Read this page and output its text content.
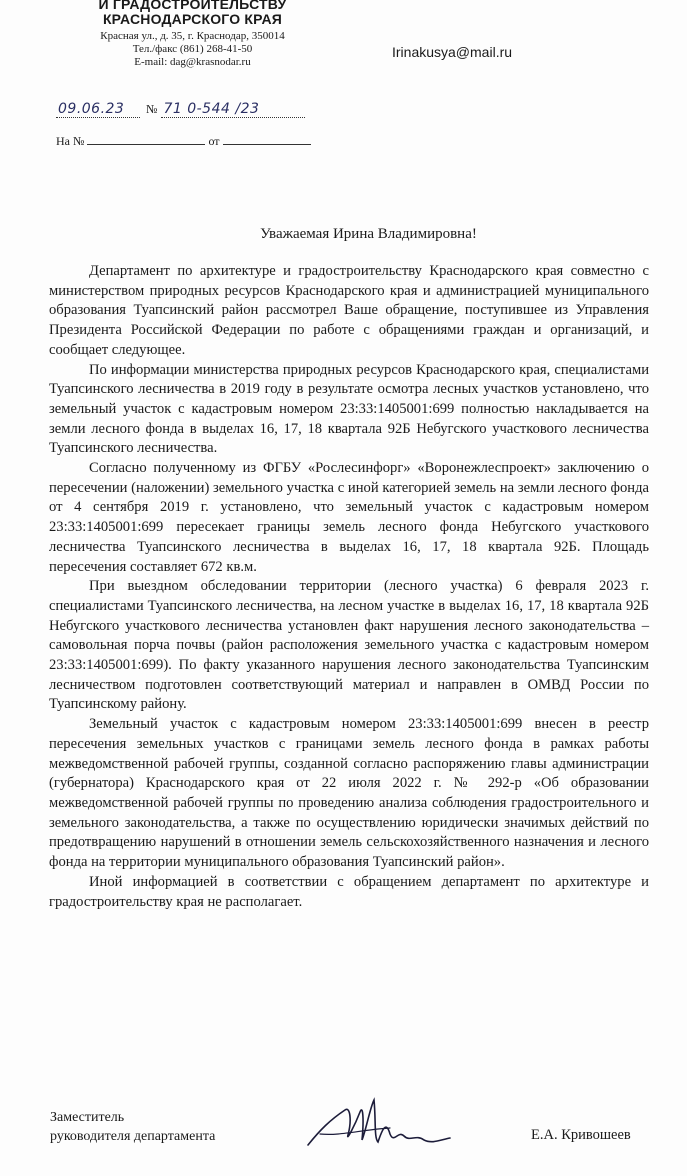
И ГРАДОСТРОИТЕЛЬСТВУ
КРАСНОДАРСКОГО КРАЯ
Красная ул., д. 35, г. Краснодар, 350014
Тел./факс (861) 268-41-50
E-mail: dag@krasnodar.ru
Irinakusya@mail.ru
09.06.23 № 71 0-544 /23
На №	от
Уважаемая Ирина Владимировна!

Департамент по архитектуре и градостроительству Краснодарского края совместно с министерством природных ресурсов Краснодарского края и администрацией муниципального образования Туапсинский район рассмотрел Ваше обращение, поступившее из Управления Президента Российской Федерации по работе с обращениями граждан и организаций, и сообщает следующее.

По информации министерства природных ресурсов Краснодарского края, специалистами Туапсинского лесничества в 2019 году в результате осмотра лесных участков установлено, что земельный участок с кадастровым номером 23:33:1405001:699 полностью накладывается на земли лесного фонда в выделах 16, 17, 18 квартала 92Б Небугского участкового лесничества Туапсинского лесничества.

Согласно полученному из ФГБУ «Рослесинфорг» «Воронежлеспроект» заключению о пересечении (наложении) земельного участка с иной категорией земель на земли лесного фонда от 4 сентября 2019 г. установлено, что земельный участок с кадастровым номером 23:33:1405001:699 пересекает границы земель лесного фонда Небугского участкового лесничества Туапсинского лесничества в выделах 16, 17, 18 квартала 92Б. Площадь пересечения составляет 672 кв.м.

При выездном обследовании территории (лесного участка) 6 февраля 2023 г. специалистами Туапсинского лесничества, на лесном участке в выделах 16, 17, 18 квартала 92Б Небугского участкового лесничества установлен факт нарушения лесного законодательства – самовольная порча почвы (район расположения земельного участка с кадастровым номером 23:33:1405001:699). По факту указанного нарушения лесного законодательства Туапсинским лесничеством подготовлен соответствующий материал и направлен в ОМВД России по Туапсинскому району.

Земельный участок с кадастровым номером 23:33:1405001:699 внесен в реестр пересечения земельных участков с границами земель лесного фонда в рамках работы межведомственной рабочей группы, созданной согласно распоряжению главы администрации (губернатора) Краснодарского края от 22 июля 2022 г. № 292-р «Об образовании межведомственной рабочей группы по проведению анализа соблюдения градостроительного и земельного законодательства, а также по осуществлению юридически значимых действий по предотвращению нарушений в отношении земель сельскохозяйственного назначения и лесного фонда на территории муниципального образования Туапсинский район».

Иной информацией в соответствии с обращением департамент по архитектуре и градостроительству края не располагает.

Заместитель
руководителя департамента	Е.А. Кривошеев
